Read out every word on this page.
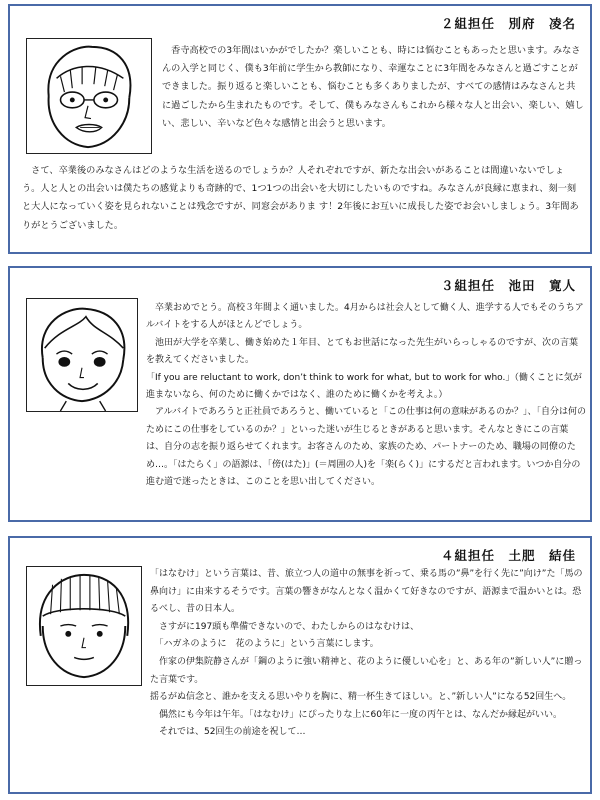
２組担任　別府　凌名
　香寺高校での3年間はいかがでしたか？楽しいことも、時には悩むこともあったと思います。みなさんの入学と同じく、僕も3年前に学生から教師になり、幸運なことに3年間をみなさんと過ごすことができました。振り返ると楽しいことも、悩むことも多くありましたが、すべての感情はみなさんと共に過ごしたから生まれたものです。そして、僕もみなさんもこれから様々な人と出会い、楽しい、嬉しい、悲しい、辛いなど色々な感情と出会うと思います。
　さて、卒業後のみなさんはどのような生活を送るのでしょうか？人それぞれですが、新たな出会いがあることは間違いないでしょう。人と人との出会いは僕たちの感覚よりも奇跡的で、1つ1つの出会いを大切にしたいものですね。みなさんが良縁に恵まれ、刻一刻と大人になっていく姿を見られないことは残念ですが、同窓会がありま す！2年後にお互いに成長した姿でお会いしましょう。3年間ありがとうございました。
３組担任　池田　寛人
　卒業おめでとう。高校３年間よく通いました。4月からは社会人として働く人、進学する人でもそのうちアルバイトをする人がほとんどでしょう。
　池田が大学を卒業し、働き始めた１年目、とてもお世話になった先生がいらっしゃるのですが、次の言葉を教えてくださいました。
「If you are reluctant to work, don’t think to work for what, but to work for who.」（働くことに気が進まないなら、何のために働くかではなく、誰のために働くかを考えよ。）
　アルバイトであろうと正社員であろうと、働いていると「この仕事は何の意味があるのか？」、「自分は何のためにこの仕事をしているのか？」といった迷いが生じるときがあると思います。そんなときにこの言葉は、自分の志を振り返らせてくれます。お客さんのため、家族のため、パートナーのため、職場の同僚のため…。「はたらく」の語源は、「傍(はた)」(＝周囲の人)を「楽(らく)」にするだと言われます。いつか自分の進む道で迷ったときは、このことを思い出してください。
４組担任　土肥　結佳
「はなむけ」という言葉は、昔、旅立つ人の道中の無事を祈って、乗る馬の”鼻”を行く先に”向け”た「馬の鼻向け」に由来するそうです。言葉の響きがなんとなく温かくて好きなのですが、語源まで温かいとは。恐るべし、昔の日本人。
　さすがに197頭も準備できないので、わたしからのはなむけは、
　「ハガネのように　花のように」という言葉にします。
　作家の伊集院静さんが「鋼のように強い精神と、花のように優しい心を」と、ある年の”新しい人”に贈った言葉です。
揺るがぬ信念と、誰かを支える思いやりを胸に、精一杯生きてほしい。と、”新しい人”になる52回生へ。
　偶然にも今年は午年。「はなむけ」にぴったりな上に60年に一度の丙午とは、なんだか縁起がいい。
　それでは、52回生の前途を祝して…
